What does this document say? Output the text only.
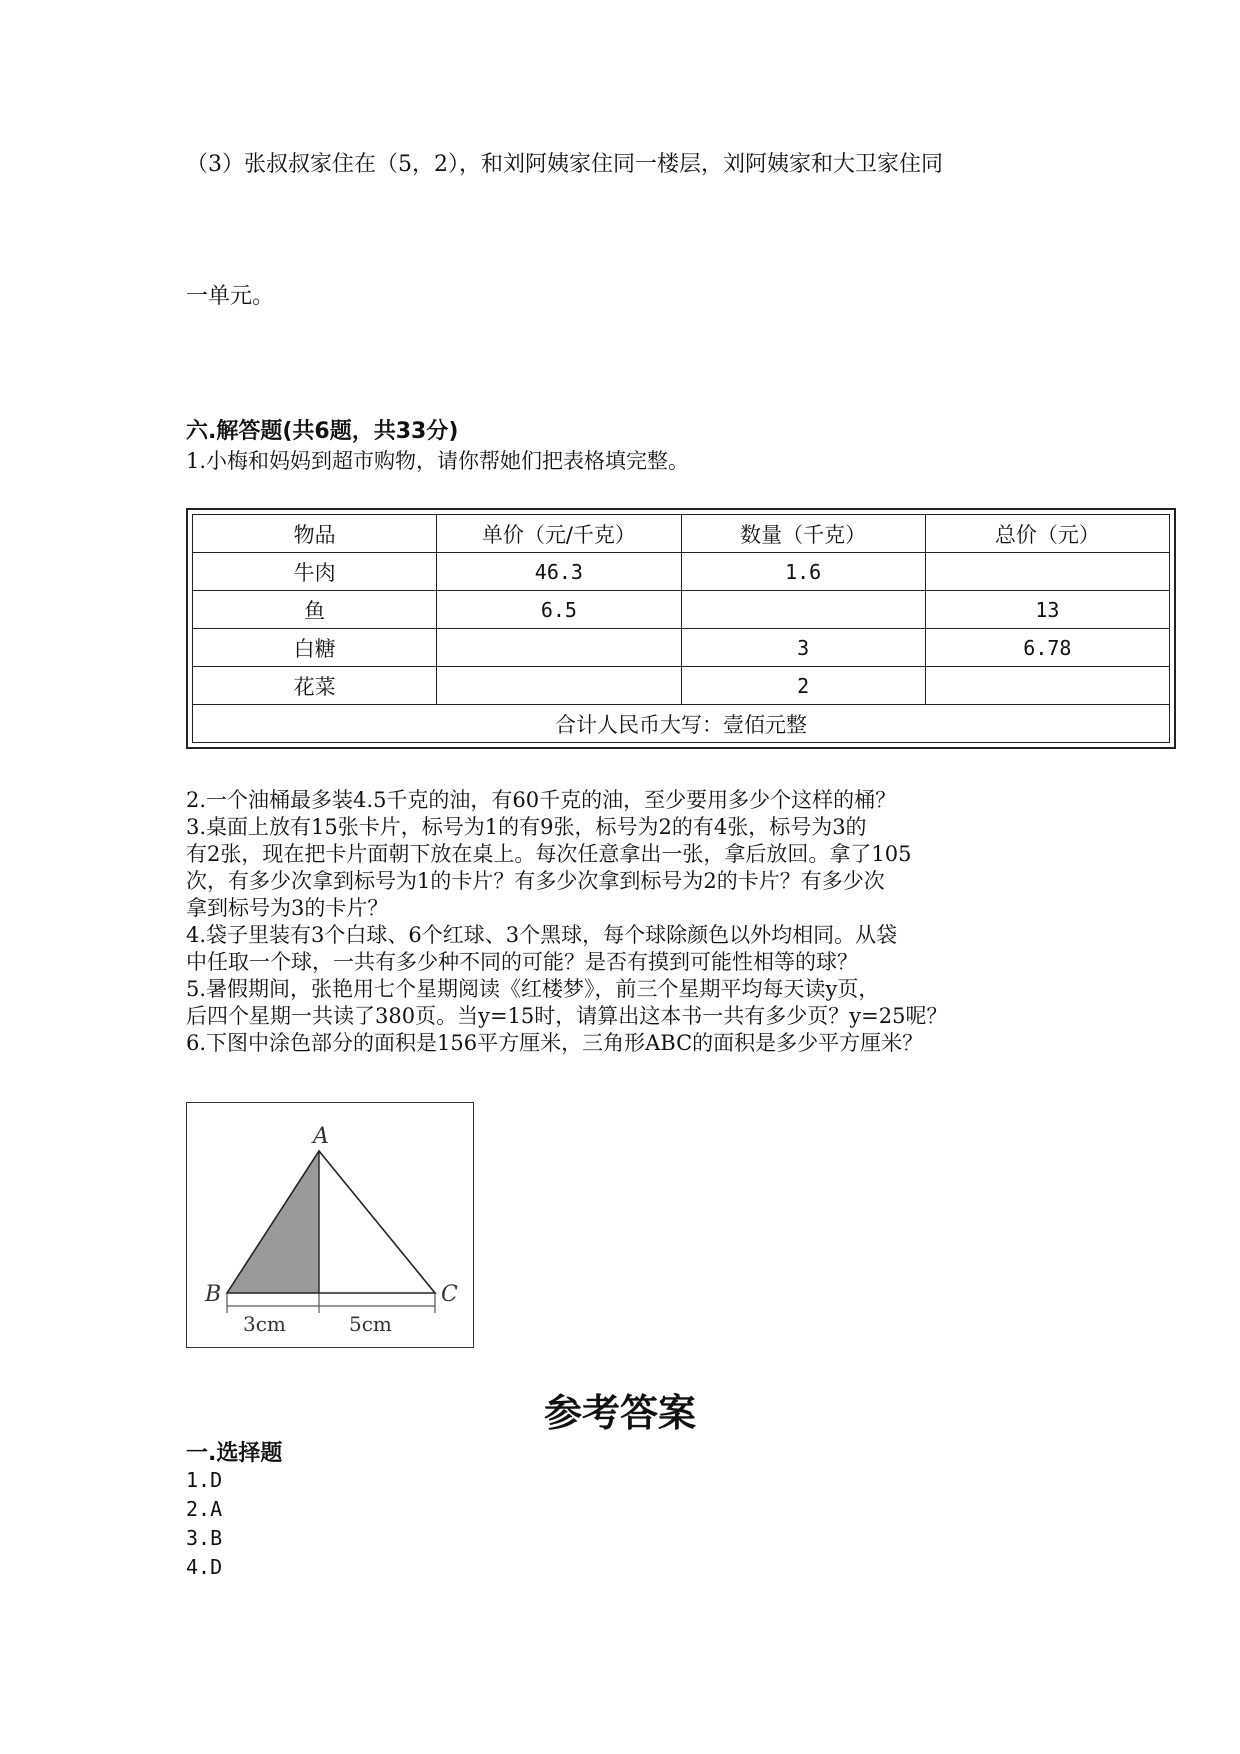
（3）张叔叔家住在（5，2），和刘阿姨家住同一楼层，刘阿姨家和大卫家住同
一单元。
六.解答题(共6题，共33分)
1.小梅和妈妈到超市购物，请你帮她们把表格填完整。
物品	单价（元/千克）	数量（千克）	总价（元）
牛肉	46.3	1.6	
鱼	6.5		13
白糖		3	6.78
花菜		2	
合计人民币大写：壹佰元整			
2.一个油桶最多装4.5千克的油，有60千克的油，至少要用多少个这样的桶？
3.桌面上放有15张卡片，标号为1的有9张，标号为2的有4张，标号为3的
有2张，现在把卡片面朝下放在桌上。每次任意拿出一张，拿后放回。拿了105
次，有多少次拿到标号为1的卡片？有多少次拿到标号为2的卡片？有多少次
拿到标号为3的卡片？
4.袋子里装有3个白球、6个红球、3个黑球，每个球除颜色以外均相同。从袋
中任取一个球，一共有多少种不同的可能？是否有摸到可能性相等的球？
5.暑假期间，张艳用七个星期阅读《红楼梦》，前三个星期平均每天读y页，
后四个星期一共读了380页。当y=15时，请算出这本书一共有多少页？y=25呢？
6.下图中涂色部分的面积是156平方厘米，三角形ABC的面积是多少平方厘米？
A
B	C
3cm	5cm
参考答案
一.选择题
1.D
2.A
3.B
4.D
